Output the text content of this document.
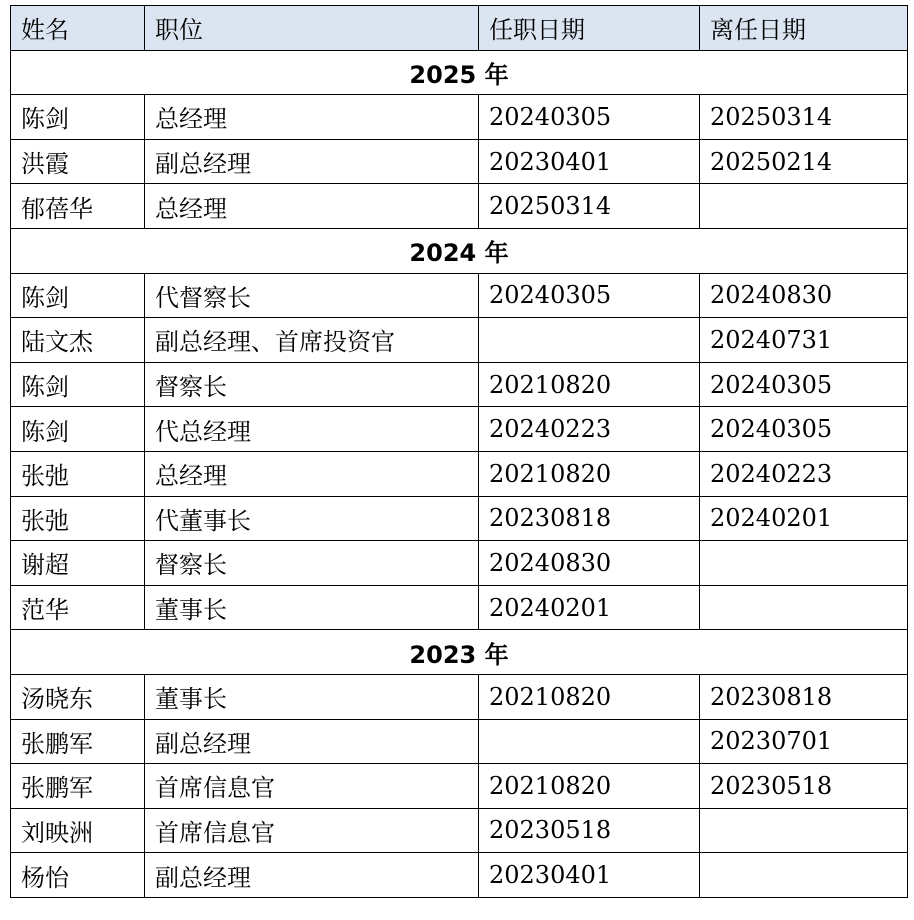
姓名	职位	任职日期	离任日期
2025 年			
陈剑	总经理	20240305	20250314
洪霞	副总经理	20230401	20250214
郁蓓华	总经理	20250314	
2024 年			
陈剑	代督察长	20240305	20240830
陆文杰	副总经理、首席投资官		20240731
陈剑	督察长	20210820	20240305
陈剑	代总经理	20240223	20240305
张弛	总经理	20210820	20240223
张弛	代董事长	20230818	20240201
谢超	督察长	20240830	
范华	董事长	20240201	
2023 年			
汤晓东	董事长	20210820	20230818
张鹏军	副总经理		20230701
张鹏军	首席信息官	20210820	20230518
刘映洲	首席信息官	20230518	
杨怡	副总经理	20230401	
